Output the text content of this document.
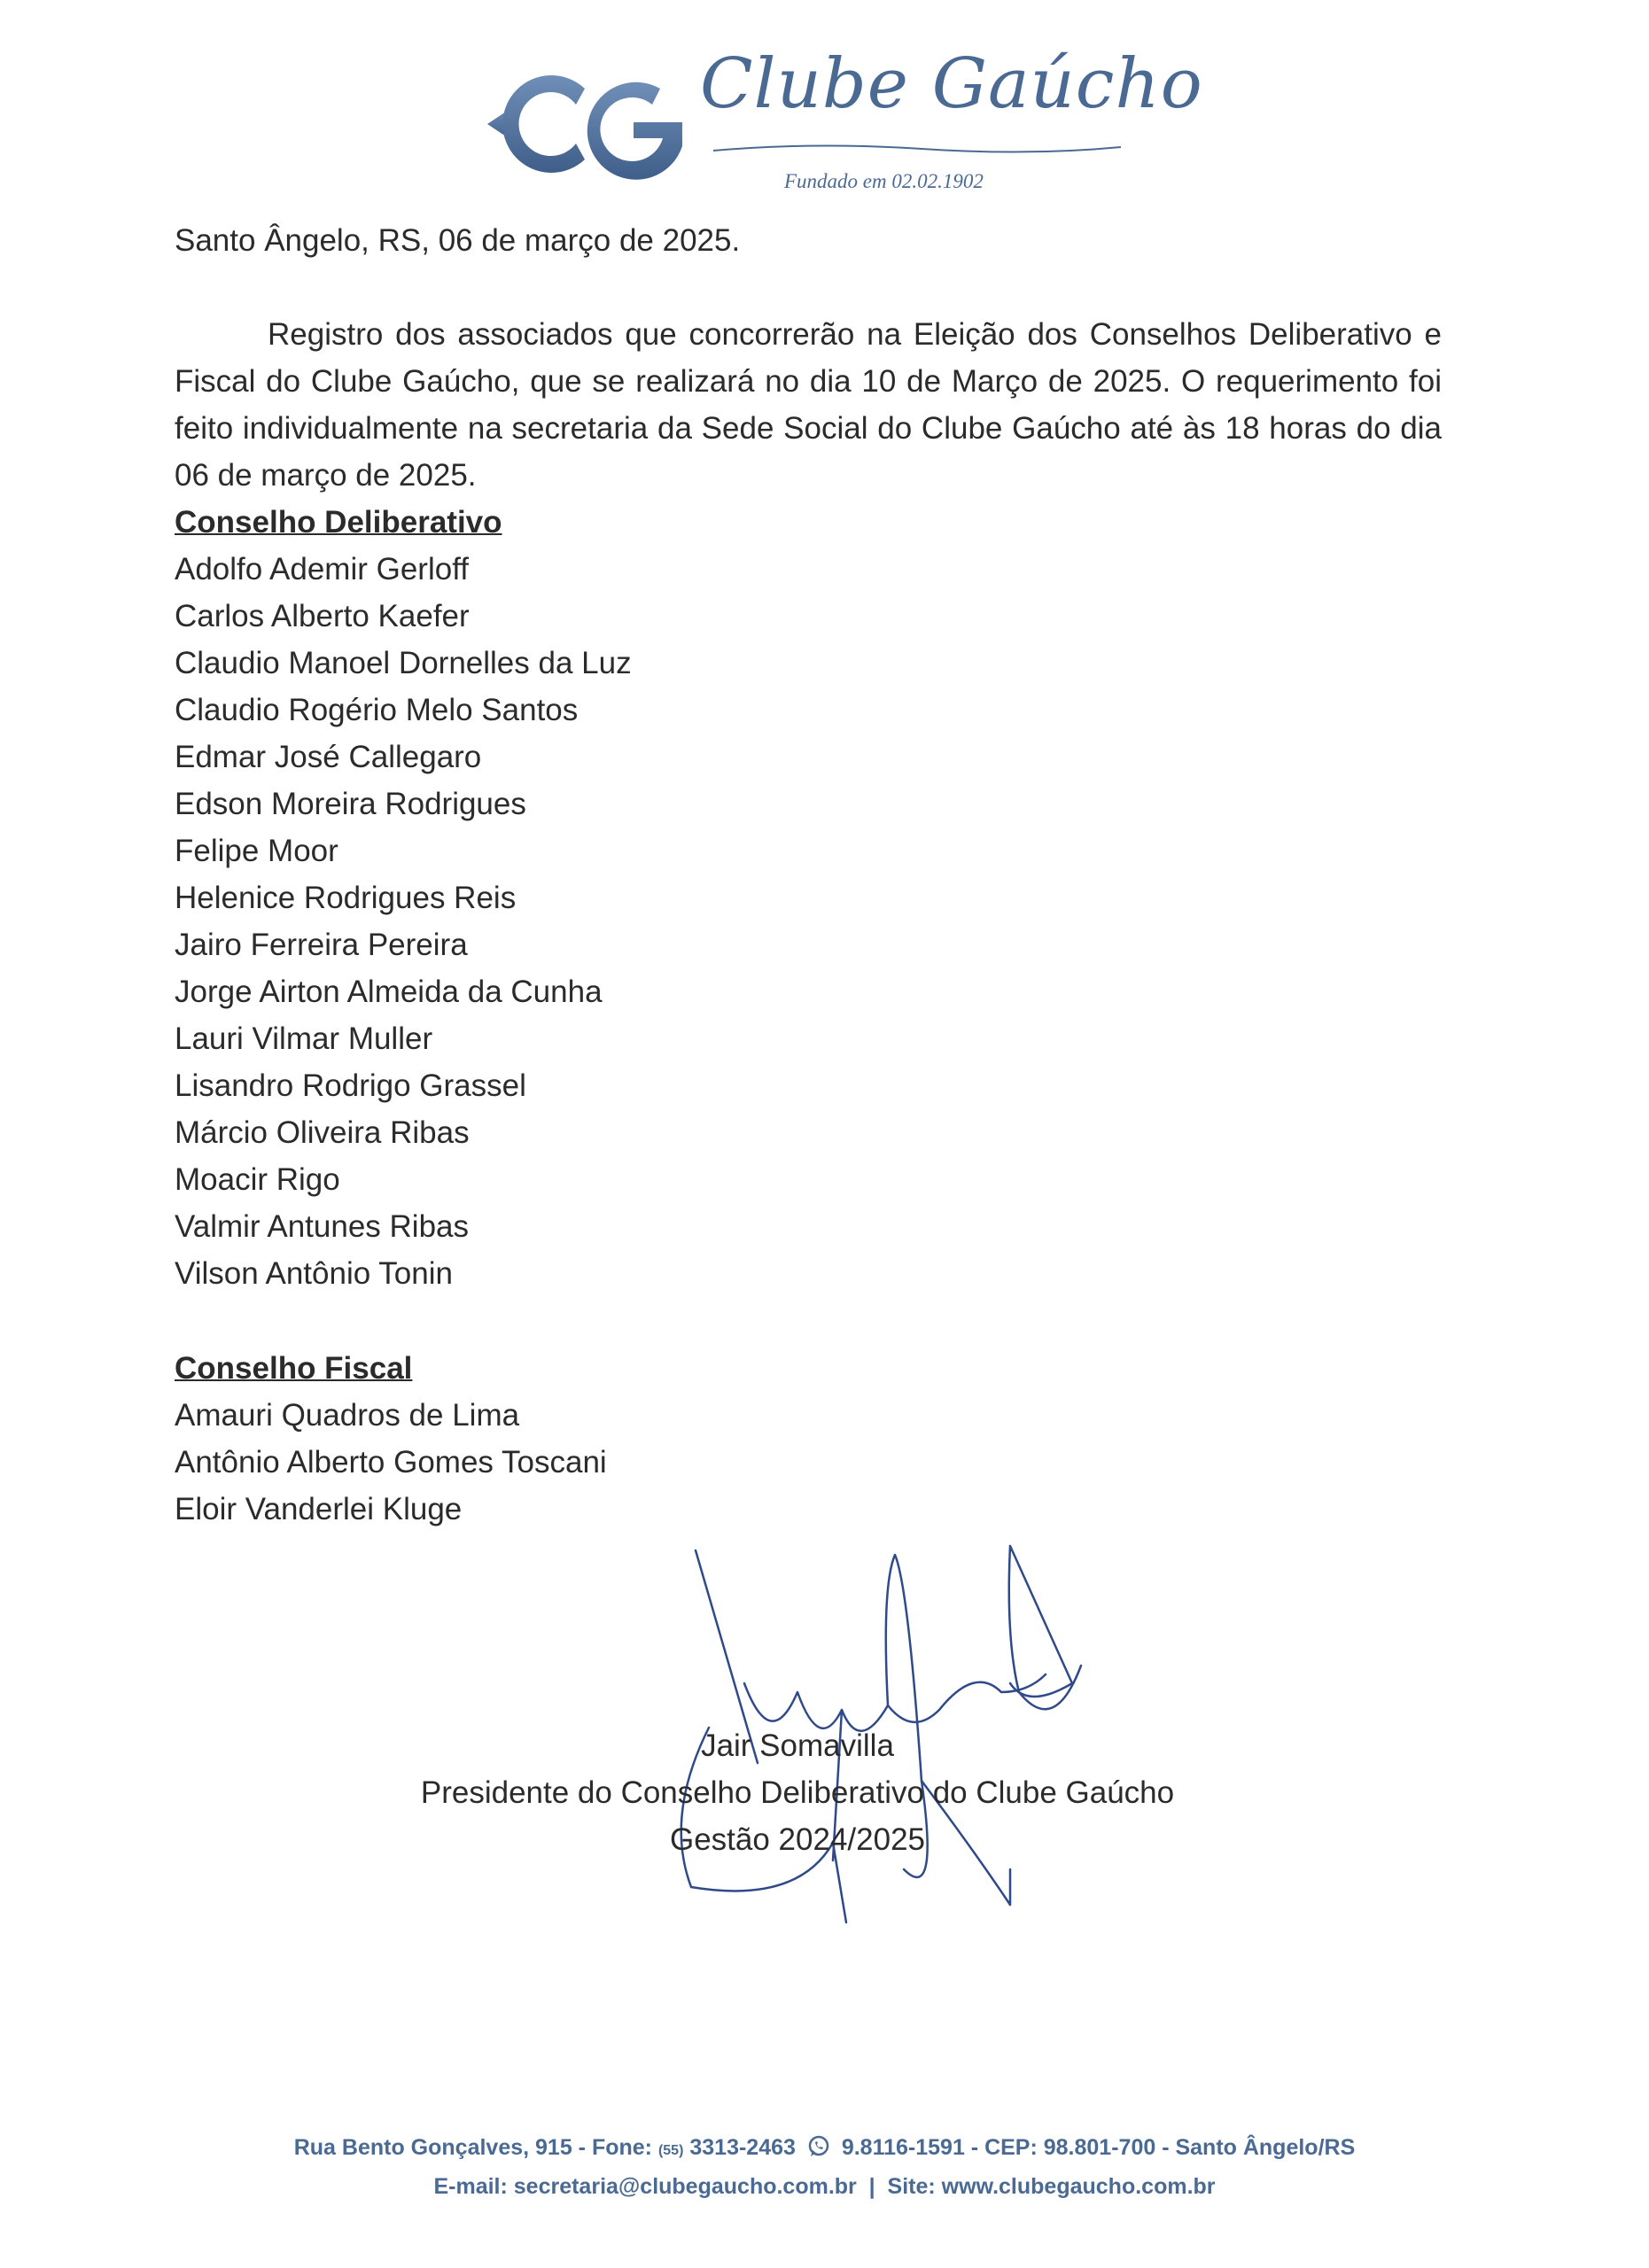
Clube Gaúcho
Fundado em 02.02.1902
Santo Ângelo, RS, 06 de março de 2025.
Registro dos associados que concorrerão na Eleição dos Conselhos Deliberativo e Fiscal do Clube Gaúcho, que se realizará no dia 10 de Março de 2025. O requerimento foi feito individualmente na secretaria da Sede Social do Clube Gaúcho até às 18 horas do dia 06 de março de 2025.
Conselho Deliberativo
Adolfo Ademir Gerloff
Carlos Alberto Kaefer
Claudio Manoel Dornelles da Luz
Claudio Rogério Melo Santos
Edmar José Callegaro
Edson Moreira Rodrigues
Felipe Moor
Helenice Rodrigues Reis
Jairo Ferreira Pereira
Jorge Airton Almeida da Cunha
Lauri Vilmar Muller
Lisandro Rodrigo Grassel
Márcio Oliveira Ribas
Moacir Rigo
Valmir Antunes Ribas
Vilson Antônio Tonin
Conselho Fiscal
Amauri Quadros de Lima
Antônio Alberto Gomes Toscani
Eloir Vanderlei Kluge
Jair Somavilla
Presidente do Conselho Deliberativo do Clube Gaúcho
Gestão 2024/2025
Rua Bento Gonçalves, 915 - Fone: (55) 3313-2463 9.8116-1591 - CEP: 98.801-700 - Santo Ângelo/RS
E-mail: secretaria@clubegaucho.com.br  |  Site: www.clubegaucho.com.br
